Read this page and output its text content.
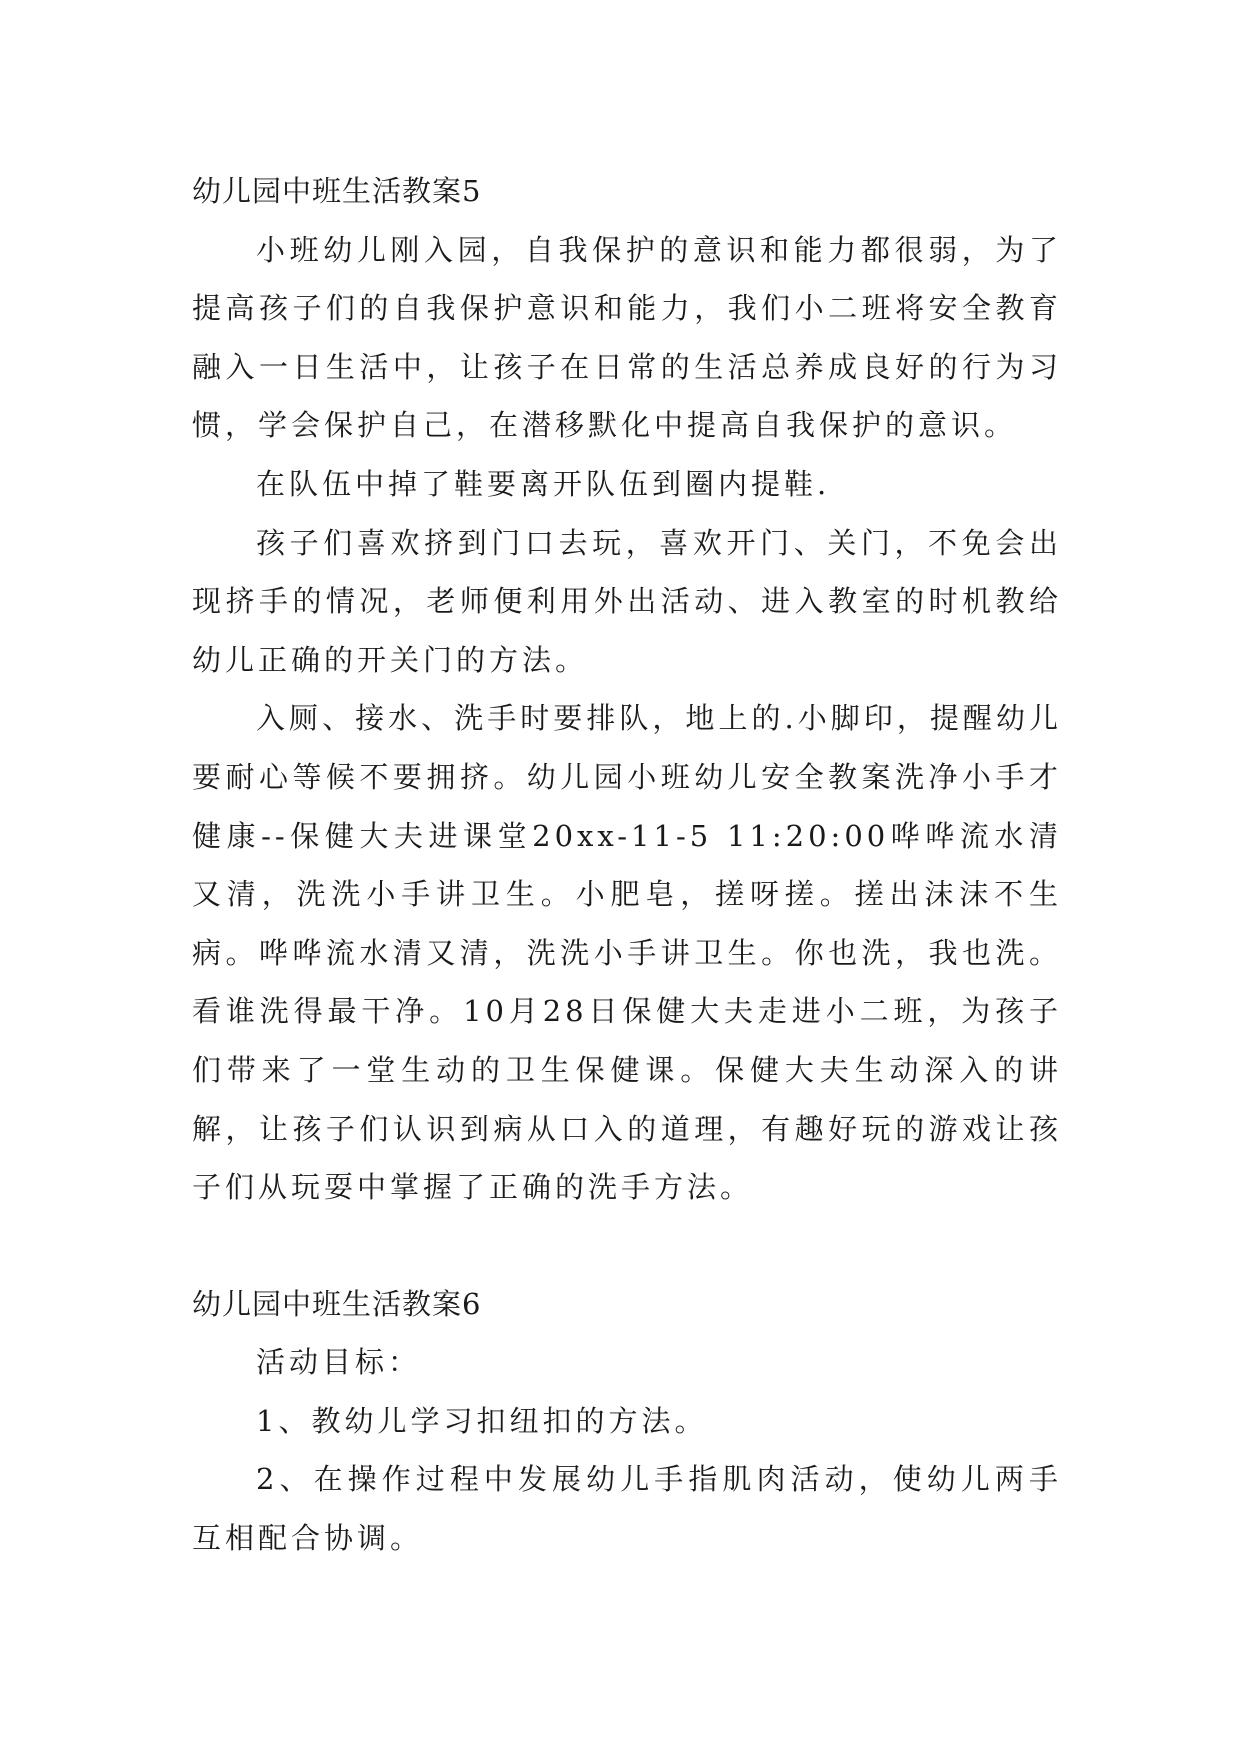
幼儿园中班生活教案5

小班幼儿刚入园，自我保护的意识和能力都很弱，为了提高孩子们的自我保护意识和能力，我们小二班将安全教育融入一日生活中，让孩子在日常的生活总养成良好的行为习惯，学会保护自己，在潜移默化中提高自我保护的意识。

在队伍中掉了鞋要离开队伍到圈内提鞋.

孩子们喜欢挤到门口去玩，喜欢开门、关门，不免会出现挤手的情况，老师便利用外出活动、进入教室的时机教给幼儿正确的开关门的方法。

入厕、接水、洗手时要排队，地上的.小脚印，提醒幼儿要耐心等候不要拥挤。幼儿园小班幼儿安全教案洗净小手才健康--保健大夫进课堂20xx-11-5 11:20:00哗哗流水清又清，洗洗小手讲卫生。小肥皂，搓呀搓。搓出沫沫不生病。哗哗流水清又清，洗洗小手讲卫生。你也洗，我也洗。看谁洗得最干净。10月28日保健大夫走进小二班，为孩子们带来了一堂生动的卫生保健课。保健大夫生动深入的讲解，让孩子们认识到病从口入的道理，有趣好玩的游戏让孩子们从玩耍中掌握了正确的洗手方法。

幼儿园中班生活教案6

活动目标：

1、教幼儿学习扣纽扣的方法。

2、在操作过程中发展幼儿手指肌肉活动，使幼儿两手互相配合协调。
